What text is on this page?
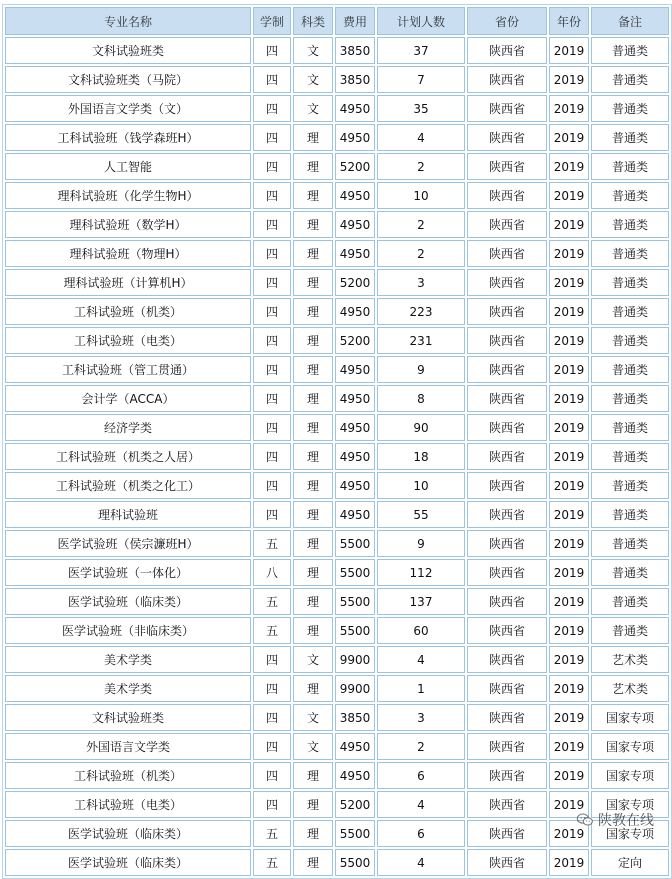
专业名称	学制	科类	费用	计划人数	省份	年份	备注
文科试验班类	四	文	3850	37	陕西省	2019	普通类
文科试验班类（马院）	四	文	3850	7	陕西省	2019	普通类
外国语言文学类（文）	四	文	4950	35	陕西省	2019	普通类
工科试验班（钱学森班H）	四	理	4950	4	陕西省	2019	普通类
人工智能	四	理	5200	2	陕西省	2019	普通类
理科试验班（化学生物H）	四	理	4950	10	陕西省	2019	普通类
理科试验班（数学H）	四	理	4950	2	陕西省	2019	普通类
理科试验班（物理H）	四	理	4950	2	陕西省	2019	普通类
理科试验班（计算机H）	四	理	5200	3	陕西省	2019	普通类
工科试验班（机类）	四	理	4950	223	陕西省	2019	普通类
工科试验班（电类）	四	理	5200	231	陕西省	2019	普通类
工科试验班（管工贯通）	四	理	4950	9	陕西省	2019	普通类
会计学（ACCA）	四	理	4950	8	陕西省	2019	普通类
经济学类	四	理	4950	90	陕西省	2019	普通类
工科试验班（机类之人居）	四	理	4950	18	陕西省	2019	普通类
工科试验班（机类之化工）	四	理	4950	10	陕西省	2019	普通类
理科试验班	四	理	4950	55	陕西省	2019	普通类
医学试验班（侯宗濂班H）	五	理	5500	9	陕西省	2019	普通类
医学试验班（一体化）	八	理	5500	112	陕西省	2019	普通类
医学试验班（临床类）	五	理	5500	137	陕西省	2019	普通类
医学试验班（非临床类）	五	理	5500	60	陕西省	2019	普通类
美术学类	四	文	9900	4	陕西省	2019	艺术类
美术学类	四	理	9900	1	陕西省	2019	艺术类
文科试验班类	四	文	3850	3	陕西省	2019	国家专项
外国语言文学类	四	文	4950	2	陕西省	2019	国家专项
工科试验班（机类）	四	理	4950	6	陕西省	2019	国家专项
工科试验班（电类）	四	理	5200	4	陕西省	2019	国家专项
医学试验班（临床类）	五	理	5500	6	陕西省	2019	国家专项
医学试验班（临床类）	五	理	5500	4	陕西省	2019	定向
陕教在线
